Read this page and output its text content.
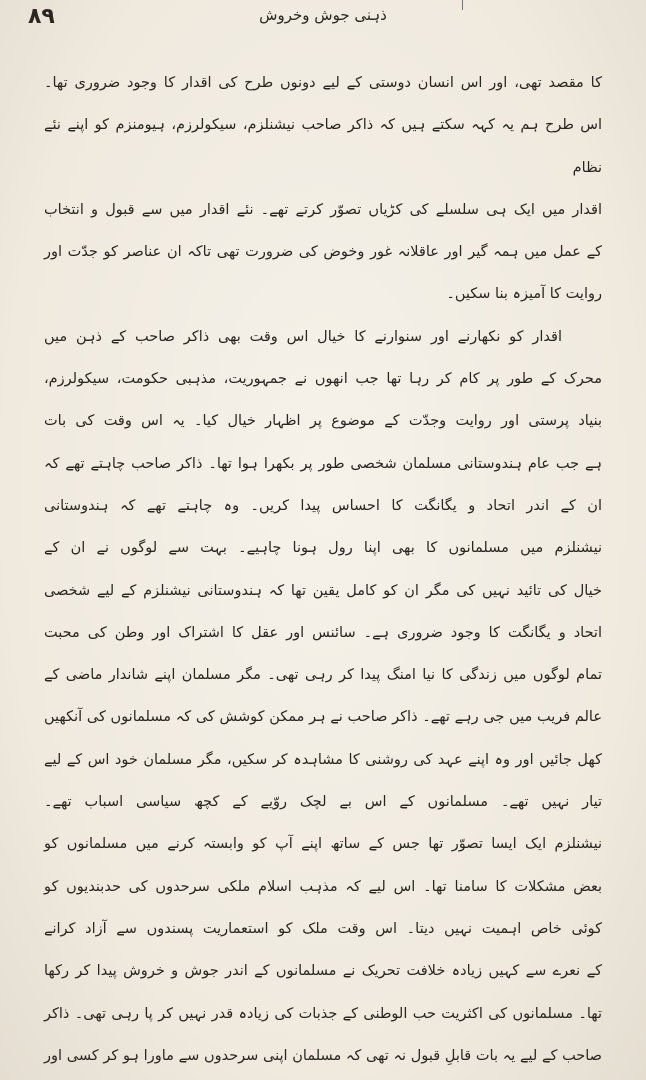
٨٩	ذہنی جوش وخروش
کا مقصد تھی، اور اس انسان دوستی کے لیے دونوں طرح کی اقدار کا وجود ضروری تھا۔
اس طرح ہم یہ کہہ سکتے ہیں کہ ذاکر صاحب نیشنلزم، سیکولرزم، ہیومنزم کو اپنے نئے نظام
اقدار میں ایک ہی سلسلے کی کڑیاں تصوّر کرتے تھے۔ نئے اقدار میں سے قبول و انتخاب
کے عمل میں ہمہ گیر اور عاقلانہ غور وخوض کی ضرورت تھی تاکہ ان عناصر کو جدّت اور
روایت کا آمیزہ بنا سکیں۔
اقدار کو نکھارنے اور سنوارنے کا خیال اس وقت بھی ذاکر صاحب کے ذہن میں
محرک کے طور پر کام کر رہا تھا جب انھوں نے جمہوریت، مذہبی حکومت، سیکولرزم،
بنیاد پرستی اور روایت وجدّت کے موضوع پر اظہار خیال کیا۔ یہ اس وقت کی بات
ہے جب عام ہندوستانی مسلمان شخصی طور پر بکھرا ہوا تھا۔ ذاکر صاحب چاہتے تھے کہ
ان کے اندر اتحاد و یگانگت کا احساس پیدا کریں۔ وہ چاہتے تھے کہ ہندوستانی
نیشنلزم میں مسلمانوں کا بھی اپنا رول ہونا چاہیے۔ بہت سے لوگوں نے ان کے
خیال کی تائید نہیں کی مگر ان کو کامل یقین تھا کہ ہندوستانی نیشنلزم کے لیے شخصی
اتحاد و یگانگت کا وجود ضروری ہے۔ سائنس اور عقل کا اشتراک اور وطن کی محبت
تمام لوگوں میں زندگی کا نیا امنگ پیدا کر رہی تھی۔ مگر مسلمان اپنے شاندار ماضی کے
عالم فریب میں جی رہے تھے۔ ذاکر صاحب نے ہر ممکن کوشش کی کہ مسلمانوں کی آنکھیں
کھل جائیں اور وہ اپنے عہد کی روشنی کا مشاہدہ کر سکیں، مگر مسلمان خود اس کے لیے
تیار نہیں تھے۔ مسلمانوں کے اس بے لچک روّیے کے کچھ سیاسی اسباب تھے۔
نیشنلزم ایک ایسا تصوّر تھا جس کے ساتھ اپنے آپ کو وابستہ کرنے میں مسلمانوں کو
بعض مشکلات کا سامنا تھا۔ اس لیے کہ مذہب اسلام ملکی سرحدوں کی حدبندیوں کو
کوئی خاص اہمیت نہیں دیتا۔ اس وقت ملک کو استعماریت پسندوں سے آزاد کرانے
کے نعرے سے کہیں زیادہ خلافت تحریک نے مسلمانوں کے اندر جوش و خروش پیدا کر رکھا
تھا۔ مسلمانوں کی اکثریت حب الوطنی کے جذبات کی زیادہ قدر نہیں کر پا رہی تھی۔ ذاکر
صاحب کے لیے یہ بات قابلِ قبول نہ تھی کہ مسلمان اپنی سرحدوں سے ماورا ہو کر کسی اور
